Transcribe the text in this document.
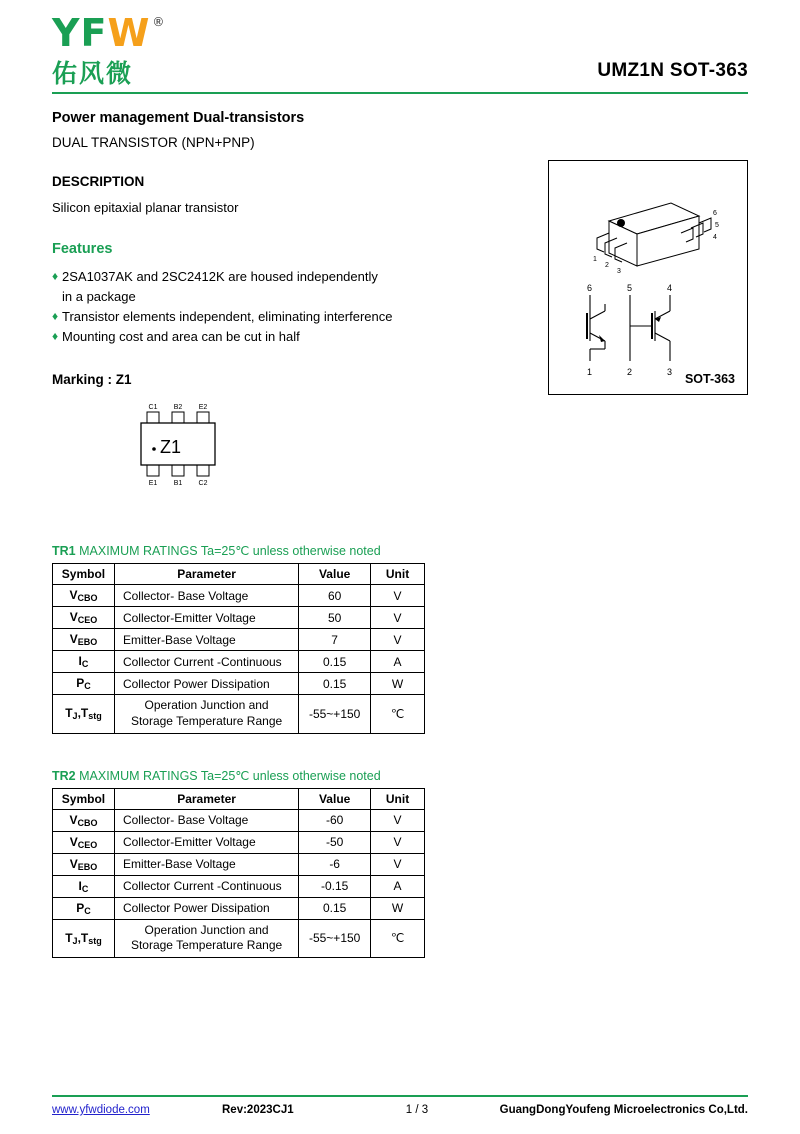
Y F W ®
佑风微	UMZ1N SOT-363
Power management Dual-transistors
DUAL TRANSISTOR (NPN+PNP)
DESCRIPTION
Silicon epitaxial planar transistor
Features
♦ 2SA1037AK and 2SC2412K are housed independently
in a package
♦ Transistor elements independent, eliminating interference
♦ Mounting cost and area can be cut in half
Marking : Z1
C1 B2 E2
Z1
E1 B1 C2
TR1 MAXIMUM RATINGS Ta=25℃ unless otherwise noted
Symbol	Parameter	Value	Unit
$V_{CBO}$	Collector- Base Voltage	60	V
$V_{CEO}$	Collector-Emitter Voltage	50	V
$V_{EBO}$	Emitter-Base Voltage	7	V
$I_C$	Collector Current -Continuous	0.15	A
$P_C$	Collector Power Dissipation	0.15	W
$T_J,T_{stg}$	Operation Junction and
Storage Temperature Range	-55~+150	℃
TR2 MAXIMUM RATINGS Ta=25℃ unless otherwise noted
Symbol	Parameter	Value	Unit
$V_{CBO}$	Collector- Base Voltage	-60	V
$V_{CEO}$	Collector-Emitter Voltage	-50	V
$V_{EBO}$	Emitter-Base Voltage	-6	V
$I_C$	Collector Current -Continuous	-0.15	A
$P_C$	Collector Power Dissipation	0.15	W
$T_J,T_{stg}$	Operation Junction and
Storage Temperature Range	-55~+150	℃
1
2
3
6
5
4
6	5	4
1	2	3 SOT-363
www.yfwdiode.com	Rev:2023CJ1	1 / 3	GuangDongYoufeng Microelectronics Co,Ltd.
